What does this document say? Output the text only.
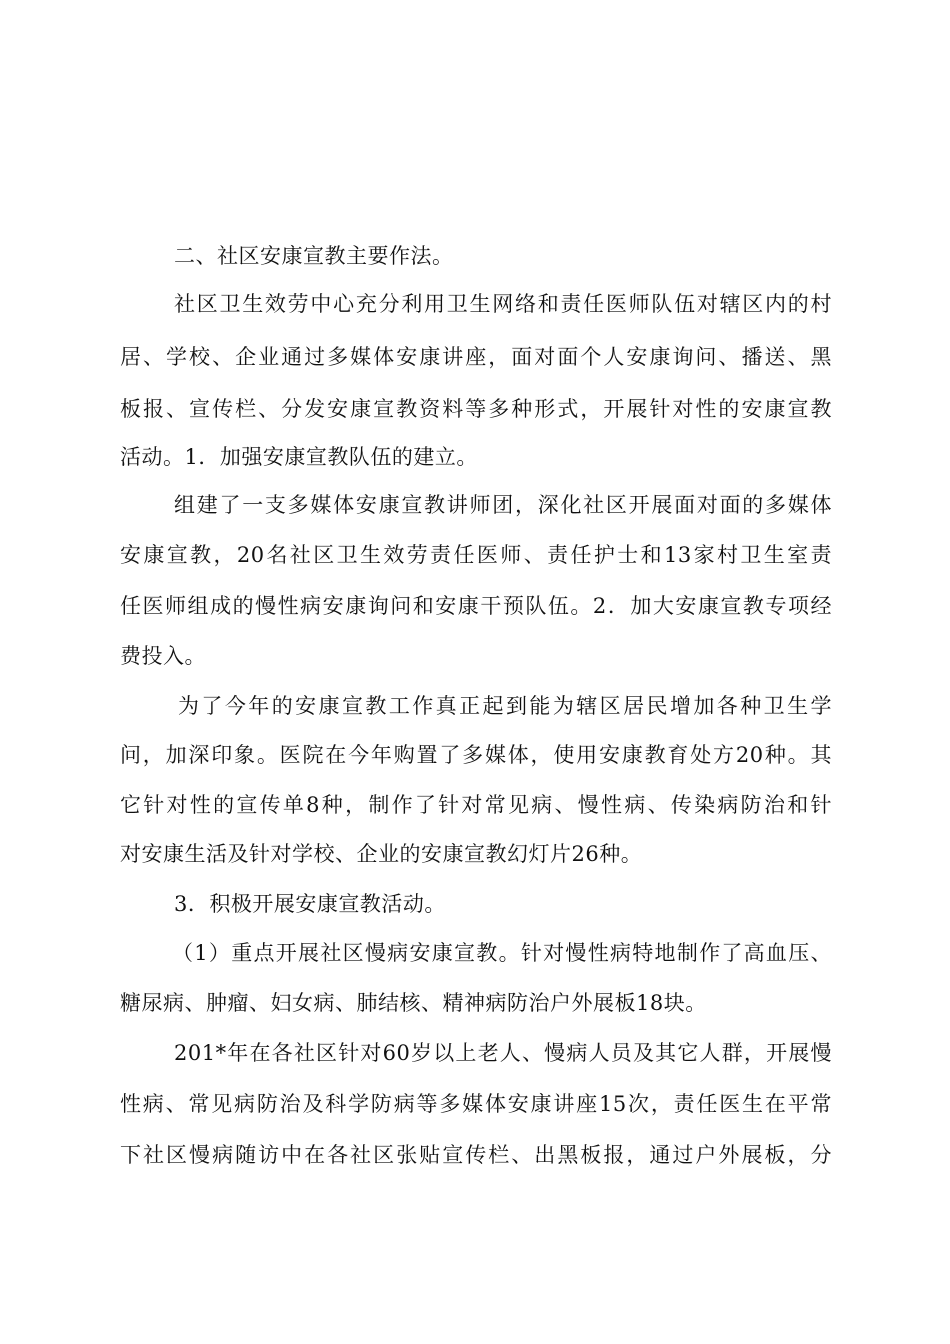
二、社区安康宣教主要作法。
社区卫生效劳中心充分利用卫生网络和责任医师队伍对辖区内的村
居、学校、企业通过多媒体安康讲座，面对面个人安康询问、播送、黑
板报、宣传栏、分发安康宣教资料等多种形式，开展针对性的安康宣教
活动。1．加强安康宣教队伍的建立。
组建了一支多媒体安康宣教讲师团，深化社区开展面对面的多媒体
安康宣教，20名社区卫生效劳责任医师、责任护士和13家村卫生室责
任医师组成的慢性病安康询问和安康干预队伍。2．加大安康宣教专项经
费投入。
为了今年的安康宣教工作真正起到能为辖区居民增加各种卫生学
问，加深印象。医院在今年购置了多媒体，使用安康教育处方20种。其
它针对性的宣传单8种，制作了针对常见病、慢性病、传染病防治和针
对安康生活及针对学校、企业的安康宣教幻灯片26种。
3．积极开展安康宣教活动。
（1）重点开展社区慢病安康宣教。针对慢性病特地制作了高血压、
糖尿病、肿瘤、妇女病、肺结核、精神病防治户外展板18块。
201*年在各社区针对60岁以上老人、慢病人员及其它人群，开展慢
性病、常见病防治及科学防病等多媒体安康讲座15次，责任医生在平常
下社区慢病随访中在各社区张贴宣传栏、出黑板报，通过户外展板，分
